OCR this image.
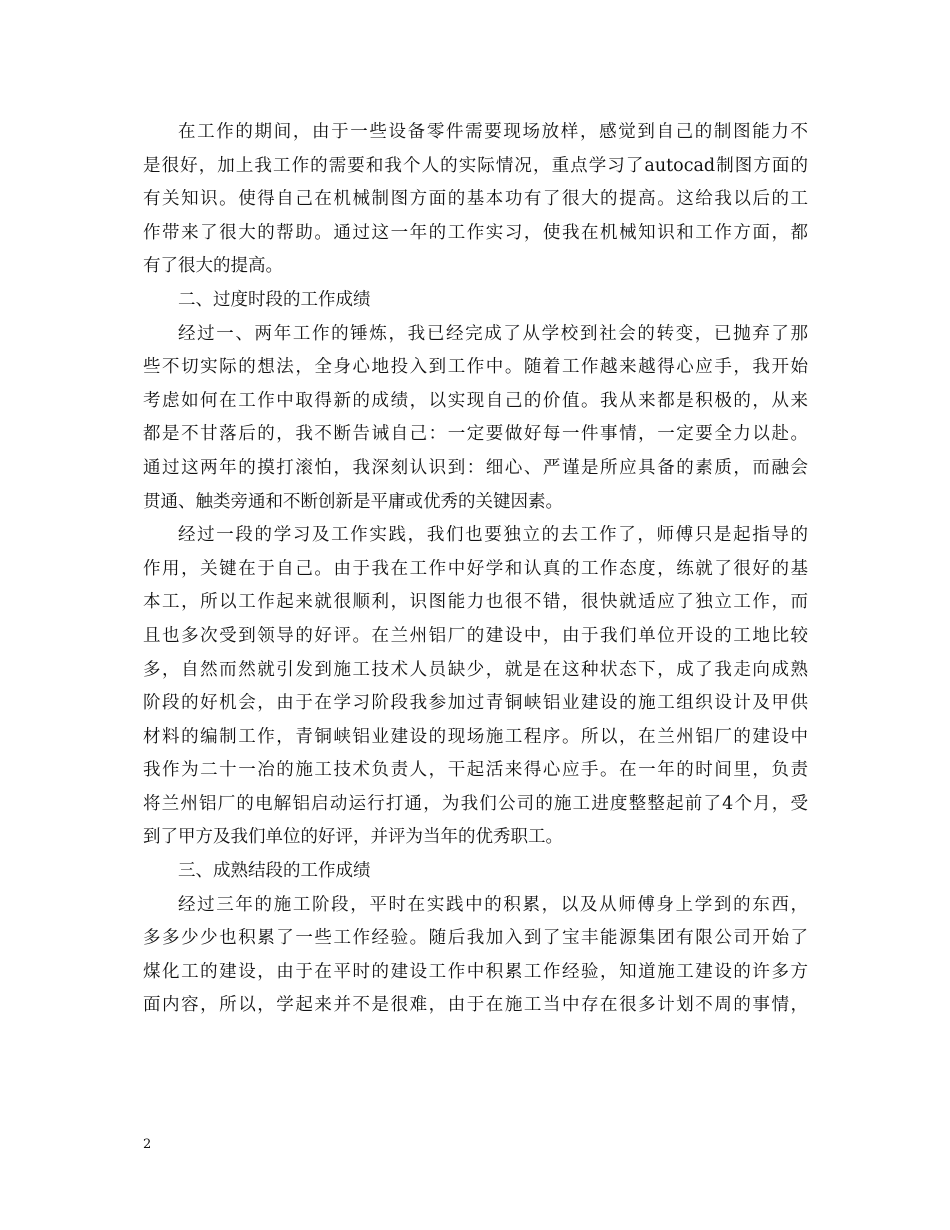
在工作的期间，由于一些设备零件需要现场放样，感觉到自己的制图能力不
是很好，加上我工作的需要和我个人的实际情况，重点学习了autocad制图方面的
有关知识。使得自己在机械制图方面的基本功有了很大的提高。这给我以后的工
作带来了很大的帮助。通过这一年的工作实习，使我在机械知识和工作方面，都
有了很大的提高。
二、过度时段的工作成绩
经过一、两年工作的锤炼，我已经完成了从学校到社会的转变，已抛弃了那
些不切实际的想法，全身心地投入到工作中。随着工作越来越得心应手，我开始
考虑如何在工作中取得新的成绩，以实现自己的价值。我从来都是积极的，从来
都是不甘落后的，我不断告诫自己：一定要做好每一件事情，一定要全力以赴。
通过这两年的摸打滚怕，我深刻认识到：细心、严谨是所应具备的素质，而融会
贯通、触类旁通和不断创新是平庸或优秀的关键因素。
经过一段的学习及工作实践，我们也要独立的去工作了，师傅只是起指导的
作用，关键在于自己。由于我在工作中好学和认真的工作态度，练就了很好的基
本工，所以工作起来就很顺利，识图能力也很不错，很快就适应了独立工作，而
且也多次受到领导的好评。在兰州铝厂的建设中，由于我们单位开设的工地比较
多，自然而然就引发到施工技术人员缺少，就是在这种状态下，成了我走向成熟
阶段的好机会，由于在学习阶段我参加过青铜峡铝业建设的施工组织设计及甲供
材料的编制工作，青铜峡铝业建设的现场施工程序。所以，在兰州铝厂的建设中
我作为二十一冶的施工技术负责人，干起活来得心应手。在一年的时间里，负责
将兰州铝厂的电解铝启动运行打通，为我们公司的施工进度整整起前了4个月，受
到了甲方及我们单位的好评，并评为当年的优秀职工。
三、成熟结段的工作成绩
经过三年的施工阶段，平时在实践中的积累，以及从师傅身上学到的东西，
多多少少也积累了一些工作经验。随后我加入到了宝丰能源集团有限公司开始了
煤化工的建设，由于在平时的建设工作中积累工作经验，知道施工建设的许多方
面内容，所以，学起来并不是很难，由于在施工当中存在很多计划不周的事情，
2
